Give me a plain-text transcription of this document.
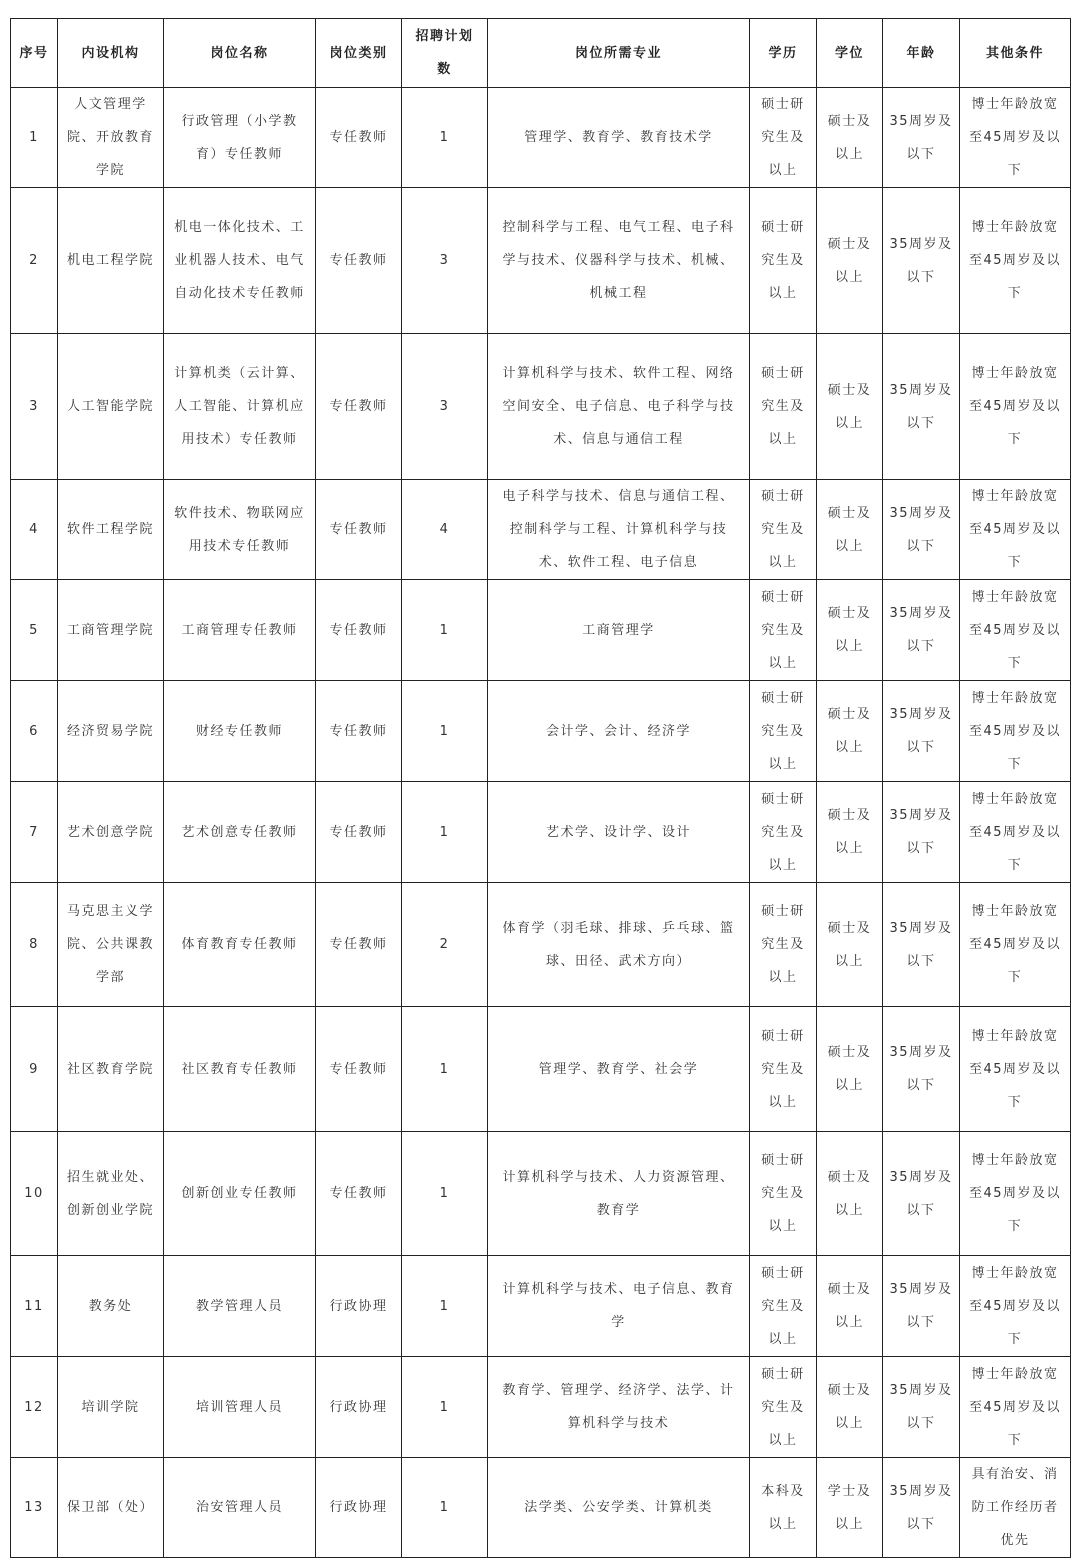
序号	内设机构	岗位名称	岗位类别	招聘计划数	岗位所需专业	学历	学位	年龄	其他条件
1	人文管理学院、开放教育学院	行政管理（小学教育）专任教师	专任教师	1	管理学、教育学、教育技术学	硕士研究生及以上	硕士及以上	35周岁及以下	博士年龄放宽至45周岁及以下
2	机电工程学院	机电一体化技术、工业机器人技术、电气自动化技术专任教师	专任教师	3	控制科学与工程、电气工程、电子科学与技术、仪器科学与技术、机械、机械工程	硕士研究生及以上	硕士及以上	35周岁及以下	博士年龄放宽至45周岁及以下
3	人工智能学院	计算机类（云计算、人工智能、计算机应用技术）专任教师	专任教师	3	计算机科学与技术、软件工程、网络空间安全、电子信息、电子科学与技术、信息与通信工程	硕士研究生及以上	硕士及以上	35周岁及以下	博士年龄放宽至45周岁及以下
4	软件工程学院	软件技术、物联网应用技术专任教师	专任教师	4	电子科学与技术、信息与通信工程、控制科学与工程、计算机科学与技术、软件工程、电子信息	硕士研究生及以上	硕士及以上	35周岁及以下	博士年龄放宽至45周岁及以下
5	工商管理学院	工商管理专任教师	专任教师	1	工商管理学	硕士研究生及以上	硕士及以上	35周岁及以下	博士年龄放宽至45周岁及以下
6	经济贸易学院	财经专任教师	专任教师	1	会计学、会计、经济学	硕士研究生及以上	硕士及以上	35周岁及以下	博士年龄放宽至45周岁及以下
7	艺术创意学院	艺术创意专任教师	专任教师	1	艺术学、设计学、设计	硕士研究生及以上	硕士及以上	35周岁及以下	博士年龄放宽至45周岁及以下
8	马克思主义学院、公共课教学部	体育教育专任教师	专任教师	2	体育学（羽毛球、排球、乒乓球、篮球、田径、武术方向）	硕士研究生及以上	硕士及以上	35周岁及以下	博士年龄放宽至45周岁及以下
9	社区教育学院	社区教育专任教师	专任教师	1	管理学、教育学、社会学	硕士研究生及以上	硕士及以上	35周岁及以下	博士年龄放宽至45周岁及以下
10	招生就业处、创新创业学院	创新创业专任教师	专任教师	1	计算机科学与技术、人力资源管理、教育学	硕士研究生及以上	硕士及以上	35周岁及以下	博士年龄放宽至45周岁及以下
11	教务处	教学管理人员	行政协理	1	计算机科学与技术、电子信息、教育学	硕士研究生及以上	硕士及以上	35周岁及以下	博士年龄放宽至45周岁及以下
12	培训学院	培训管理人员	行政协理	1	教育学、管理学、经济学、法学、计算机科学与技术	硕士研究生及以上	硕士及以上	35周岁及以下	博士年龄放宽至45周岁及以下
13	保卫部（处）	治安管理人员	行政协理	1	法学类、公安学类、计算机类	本科及以上	学士及以上	35周岁及以下	具有治安、消防工作经历者优先
